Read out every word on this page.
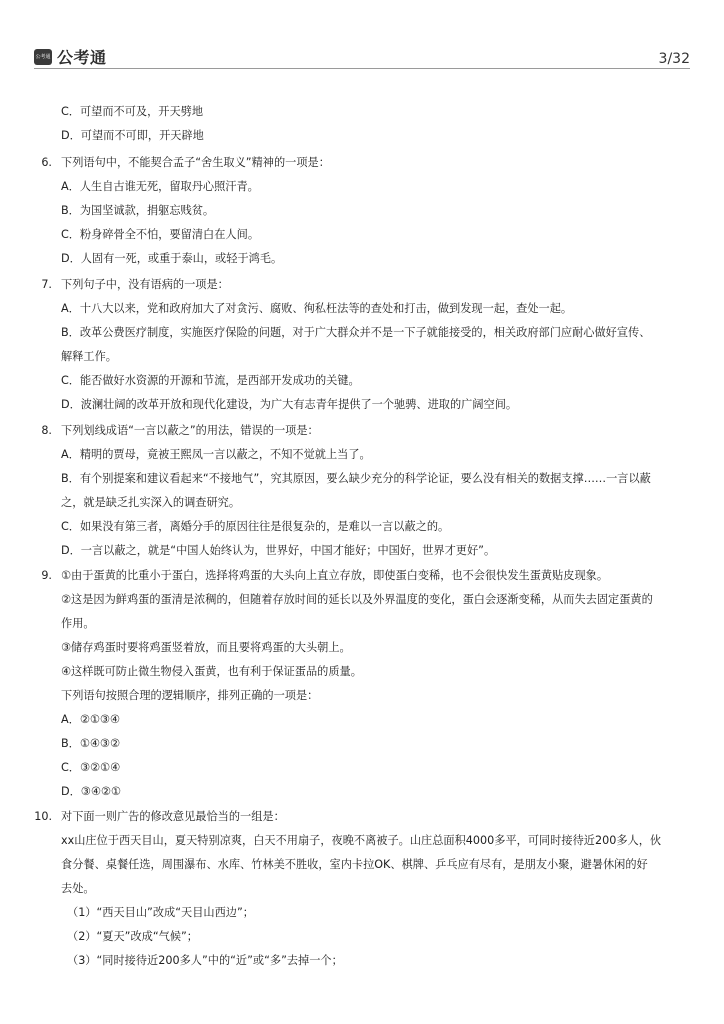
公考通 公考通	3/32
C．可望而不可及，开天劈地
D．可望而不可即，开天辟地
6. 下列语句中，不能契合孟子“舍生取义”精神的一项是：
A．人生自古谁无死，留取丹心照汗青。
B．为国坚诚款，捐躯忘贱贫。
C．粉身碎骨全不怕，要留清白在人间。
D．人固有一死，或重于泰山，或轻于鸿毛。
7. 下列句子中，没有语病的一项是：
A．十八大以来，党和政府加大了对贪污、腐败、徇私枉法等的查处和打击，做到发现一起，查处一起。
B．改革公费医疗制度，实施医疗保险的问题，对于广大群众并不是一下子就能接受的，相关政府部门应耐心做好宣传、
解释工作。
C．能否做好水资源的开源和节流，是西部开发成功的关键。
D．波澜壮阔的改革开放和现代化建设，为广大有志青年提供了一个驰骋、进取的广阔空间。
8. 下列划线成语“一言以蔽之”的用法，错误的一项是：
A．精明的贾母，竟被王熙凤一言以蔽之，不知不觉就上当了。
B．有个别提案和建议看起来“不接地气”，究其原因，要么缺少充分的科学论证，要么没有相关的数据支撑……一言以蔽
之，就是缺乏扎实深入的调查研究。
C．如果没有第三者，离婚分手的原因往往是很复杂的，是难以一言以蔽之的。
D．一言以蔽之，就是“中国人始终认为，世界好，中国才能好；中国好，世界才更好”。
9. ①由于蛋黄的比重小于蛋白，选择将鸡蛋的大头向上直立存放，即使蛋白变稀，也不会很快发生蛋黄贴皮现象。
②这是因为鲜鸡蛋的蛋清是浓稠的，但随着存放时间的延长以及外界温度的变化，蛋白会逐渐变稀，从而失去固定蛋黄的
作用。
③储存鸡蛋时要将鸡蛋竖着放，而且要将鸡蛋的大头朝上。
④这样既可防止微生物侵入蛋黄，也有利于保证蛋品的质量。
下列语句按照合理的逻辑顺序，排列正确的一项是：
A．②①③④
B．①④③②
C．③②①④
D．③④②①
10. 对下面一则广告的修改意见最恰当的一组是：
xx山庄位于西天目山，夏天特别凉爽，白天不用扇子，夜晚不离被子。山庄总面积4000多平，可同时接待近200多人，伙
食分餐、桌餐任选，周围瀑布、水库、竹林美不胜收，室内卡拉OK、棋牌、乒乓应有尽有，是朋友小聚，避暑休闲的好
去处。
（1）“西天目山”改成“天目山西边”；
（2）“夏天”改成“气候”；
（3）“同时接待近200多人”中的“近”或“多”去掉一个；
